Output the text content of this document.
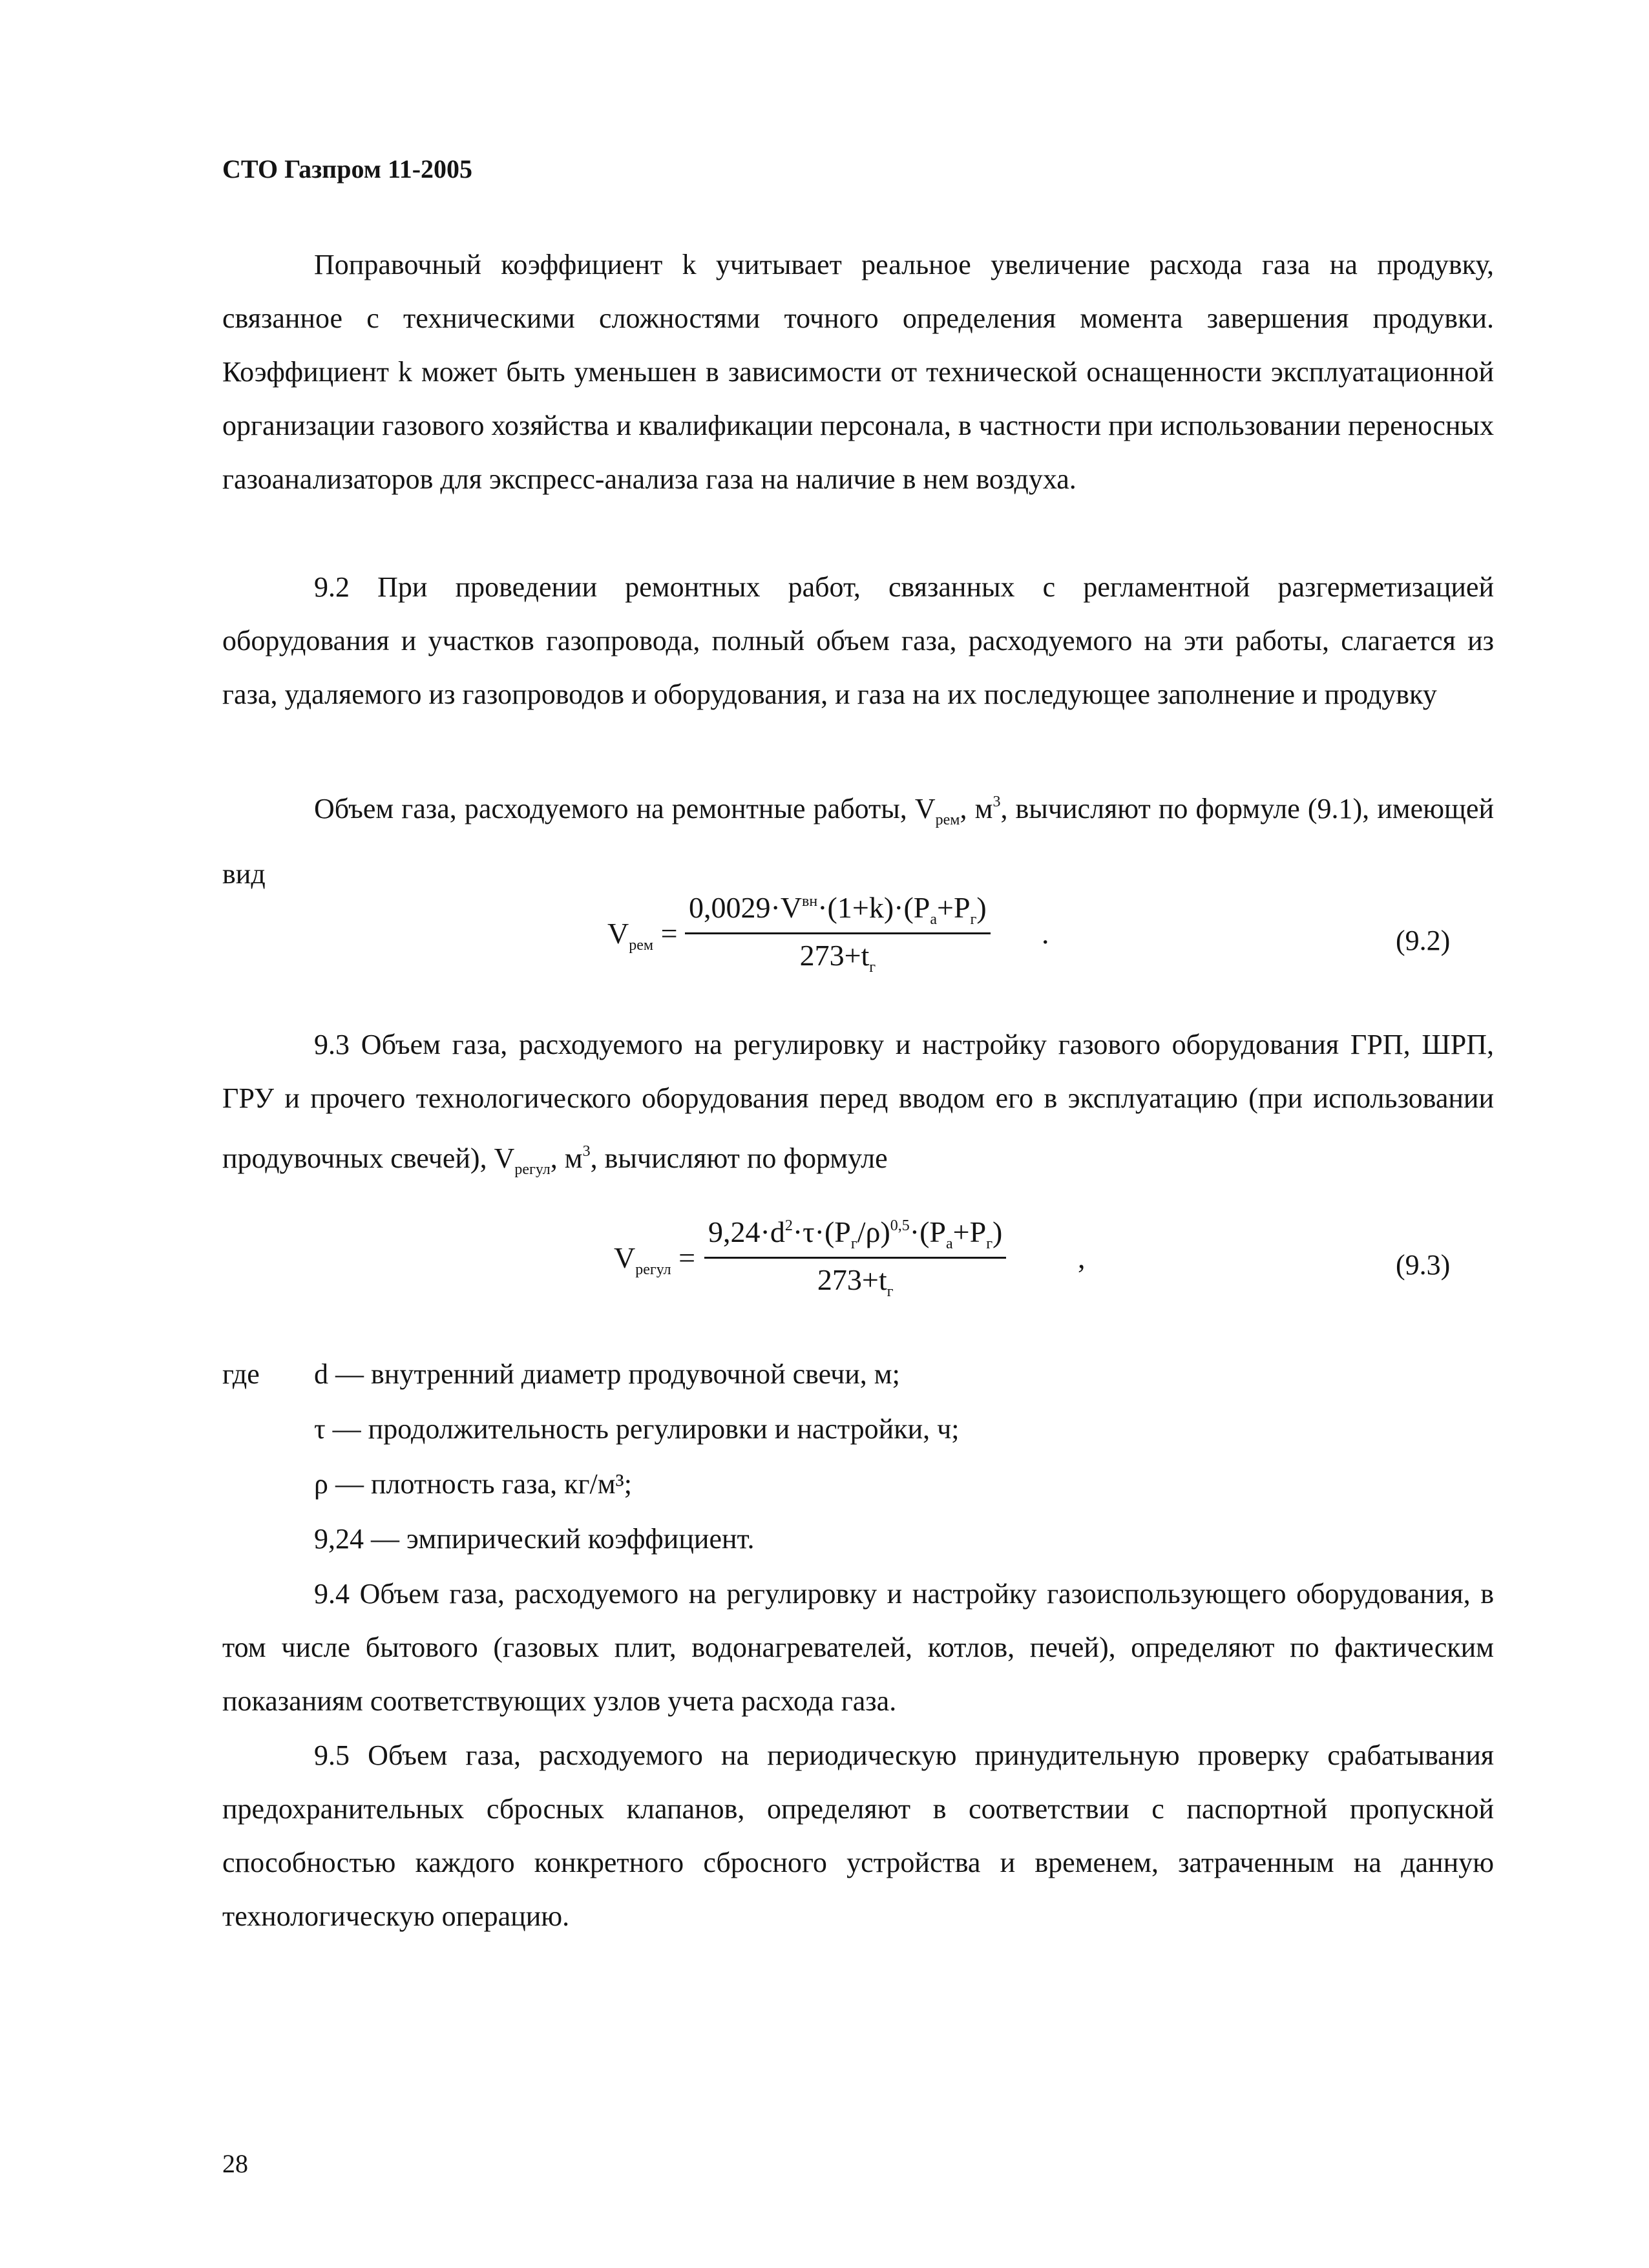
СТО Газпром 11-2005
Поправочный коэффициент k учитывает реальное увеличение расхода газа на продувку, связанное с техническими сложностями точного определения момента завершения продувки. Коэффициент k может быть уменьшен в зависимости от технической оснащенности эксплуатационной организации газового хозяйства и квалификации персонала, в частности при использовании переносных газоанализаторов для экспресс-анализа газа на наличие в нем воздуха.
9.2 При проведении ремонтных работ, связанных с регламентной разгерметизацией оборудования и участков газопровода, полный объем газа, расходуемого на эти работы, слагается из газа, удаляемого из газопроводов и оборудования, и газа на их последующее заполнение и продувку
Объем газа, расходуемого на ремонтные работы, $V_{рем}$, $м^3$, вычисляют по формуле (9.1), имеющей вид
$V_{рем}$ =
$0,0029\cdot V^{вн}\cdot(1+k)\cdot(P_а+P_г)$
$273+t_г$
.	(9.2)
9.3 Объем газа, расходуемого на регулировку и настройку газового оборудования ГРП, ШРП, ГРУ и прочего технологического оборудования перед вводом его в эксплуатацию (при использовании продувочных свечей), $V_{регул}$, $м^3$, вычисляют по формуле
$V_{регул}$ =
$9,24\cdot d^2\cdot\tau\cdot(P_г/\rho)^{0,5}\cdot(P_а+P_г)$
$273+t_г$
,	(9.3)
где d — внутренний диаметр продувочной свечи, м;
τ — продолжительность регулировки и настройки, ч;
ρ — плотность газа, кг/м³;
9,24 — эмпирический коэффициент.
9.4 Объем газа, расходуемого на регулировку и настройку газоиспользующего оборудования, в том числе бытового (газовых плит, водонагревателей, котлов, печей), определяют по фактическим показаниям соответствующих узлов учета расхода газа.
9.5 Объем газа, расходуемого на периодическую принудительную проверку срабатывания предохранительных сбросных клапанов, определяют в соответствии с паспортной пропускной способностью каждого конкретного сбросного устройства и временем, затраченным на данную технологическую операцию.
28
